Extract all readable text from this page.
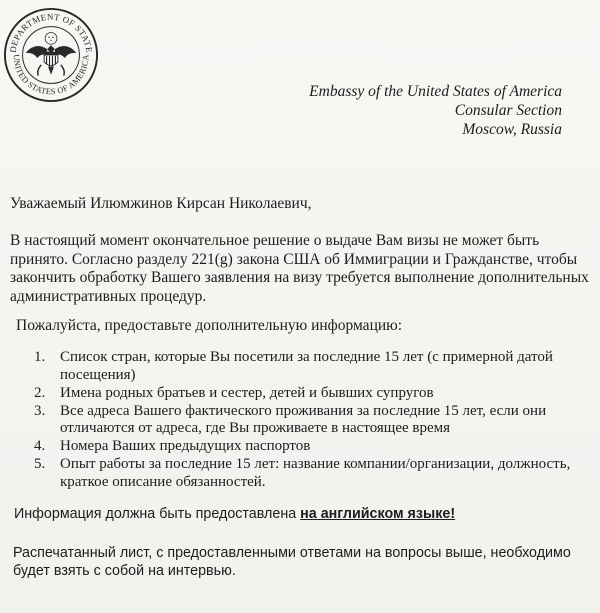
DEPARTMENT OF STATE
UNITED STATES OF AMERICA
Embassy of the United States of America
Consular Section
Moscow, Russia
Уважаемый Илюмжинов Кирсан Николаевич,
В настоящий момент окончательное решение о выдаче Вам визы не может быть принято. Согласно разделу 221(g) закона США об Иммиграции и Гражданстве, чтобы закончить обработку Вашего заявления на визу требуется выполнение дополнительных административных процедур.
Пожалуйста, предоставьте дополнительную информацию:
1. Список стран, которые Вы посетили за последние 15 лет (с примерной датой посещения)
2. Имена родных братьев и сестер, детей и бывших супругов
3. Все адреса Вашего фактического проживания за последние 15 лет, если они отличаются от адреса, где Вы проживаете в настоящее время
4. Номера Ваших предыдущих паспортов
5. Опыт работы за последние 15 лет: название компании/организации, должность, краткое описание обязанностей.
Информация должна быть предоставлена на английском языке!
Распечатанный лист, с предоставленными ответами на вопросы выше, необходимо будет взять с собой на интервью.
